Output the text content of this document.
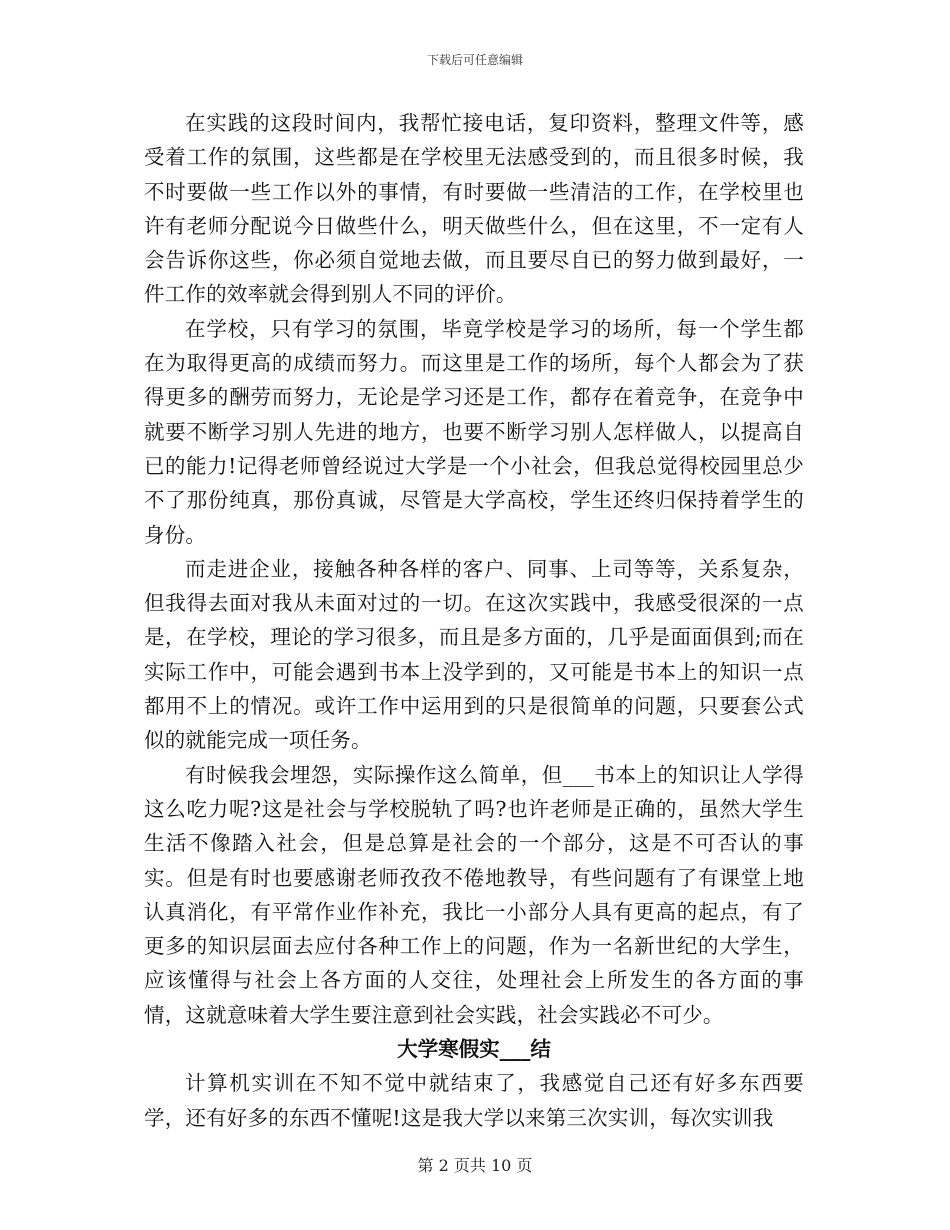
下载后可任意编辑

在实践的这段时间内，我帮忙接电话，复印资料，整理文件等，感受着工作的氛围，这些都是在学校里无法感受到的，而且很多时候，我不时要做一些工作以外的事情，有时要做一些清洁的工作，在学校里也许有老师分配说今日做些什么，明天做些什么，但在这里，不一定有人会告诉你这些，你必须自觉地去做，而且要尽自已的努力做到最好，一件工作的效率就会得到别人不同的评价。

在学校，只有学习的氛围，毕竟学校是学习的场所，每一个学生都在为取得更高的成绩而努力。而这里是工作的场所，每个人都会为了获得更多的酬劳而努力，无论是学习还是工作，都存在着竞争，在竞争中就要不断学习别人先进的地方，也要不断学习别人怎样做人，以提高自已的能力!记得老师曾经说过大学是一个小社会，但我总觉得校园里总少不了那份纯真，那份真诚，尽管是大学高校，学生还终归保持着学生的身份。

而走进企业，接触各种各样的客户、同事、上司等等，关系复杂，但我得去面对我从未面对过的一切。在这次实践中，我感受很深的一点是，在学校，理论的学习很多，而且是多方面的，几乎是面面俱到;而在实际工作中，可能会遇到书本上没学到的，又可能是书本上的知识一点都用不上的情况。或许工作中运用到的只是很简单的问题，只要套公式似的就能完成一项任务。

有时候我会埋怨，实际操作这么简单，但___书本上的知识让人学得这么吃力呢?这是社会与学校脱轨了吗?也许老师是正确的，虽然大学生生活不像踏入社会，但是总算是社会的一个部分，这是不可否认的事实。但是有时也要感谢老师孜孜不倦地教导，有些问题有了有课堂上地认真消化，有平常作业作补充，我比一小部分人具有更高的起点，有了更多的知识层面去应付各种工作上的问题，作为一名新世纪的大学生，应该懂得与社会上各方面的人交往，处理社会上所发生的各方面的事情，这就意味着大学生要注意到社会实践，社会实践必不可少。

大学寒假实___结

计算机实训在不知不觉中就结束了，我感觉自己还有好多东西要学，还有好多的东西不懂呢!这是我大学以来第三次实训，每次实训我

第 2 页共 10 页
